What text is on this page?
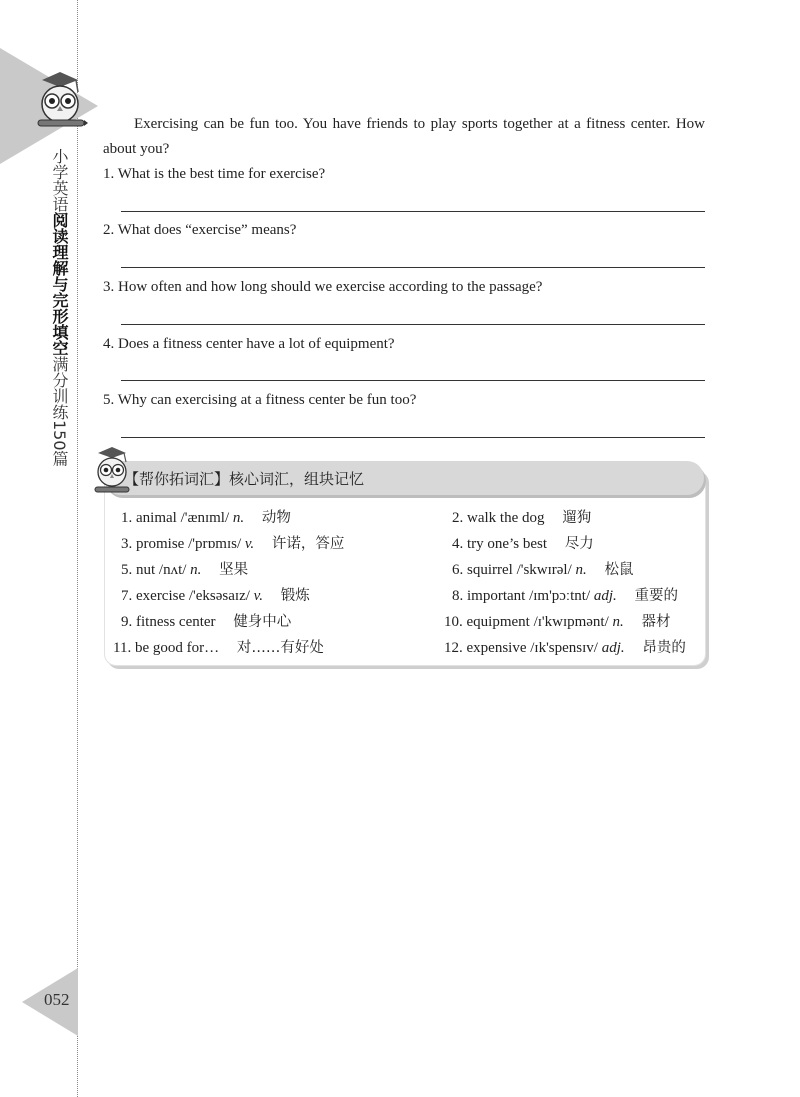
小学英语阅读理解与完形填空满分训练150篇
052
Exercising can be fun too. You have friends to play sports together at a fitness center. How about you?
1. What is the best time for exercise?
2. What does “exercise” means?
3. How often and how long should we exercise according to the passage?
4. Does a fitness center have a lot of equipment?
5. Why can exercising at a fitness center be fun too?
【帮你拓词汇】核心词汇，组块记忆
1. animal /'ænɪml/ n. 动物
3. promise /'prɒmɪs/ v. 许诺，答应
5. nut /nʌt/ n. 坚果
7. exercise /'eksəsaɪz/ v. 锻炼
9. fitness center 健身中心
11. be good for… 对……有好处
2. walk the dog 遛狗
4. try one’s best 尽力
6. squirrel /'skwɪrəl/ n. 松鼠
8. important /ɪm'pɔːtnt/ adj. 重要的
10. equipment /ɪ'kwɪpmənt/ n. 器材
12. expensive /ɪk'spensɪv/ adj. 昂贵的
